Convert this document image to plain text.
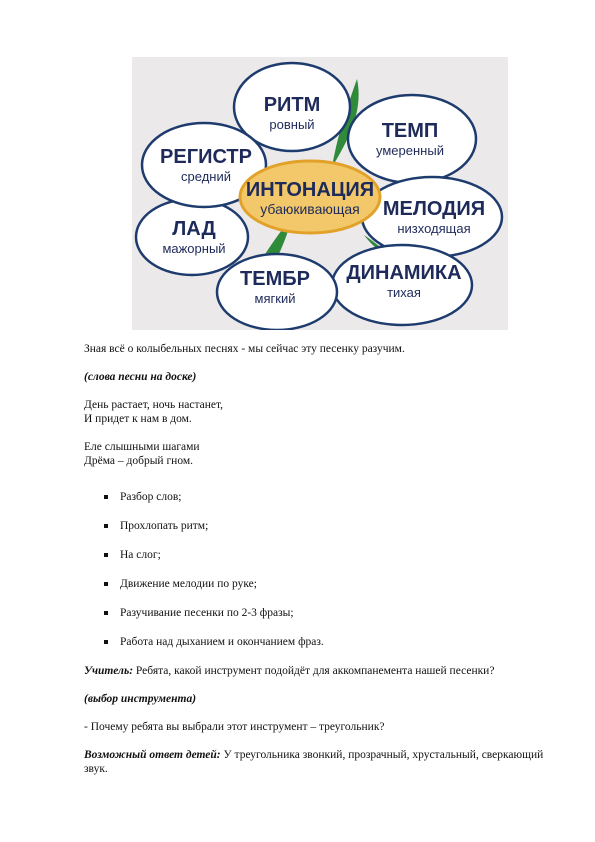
ИНТОНАЦИЯ
убаюкивающая
РИТМ
ровный	ТЕМП
умеренный
МЕЛОДИЯ
низходящая
ДИНАМИКА
тихая
ТЕМБР
мягкий
ЛАД
мажорный
РЕГИСТР
средний

Зная всё о колыбельных песнях - мы сейчас эту песенку разучим.

(слова песни на доске)

День растает, ночь настанет,

И придет к нам в дом.

Еле слышными шагами

Дрёма – добрый гном.

Разбор слов;
Прохлопать ритм;
На слог;
Движение мелодии по руке;
Разучивание песенки по 2-3 фразы;
Работа над дыханием и окончанием фраз.

Учитель: Ребята, какой инструмент подойдёт для аккомпанемента нашей песенки?

(выбор инструмента)

- Почему ребята вы выбрали этот инструмент – треугольник?

Возможный ответ детей: У треугольника звонкий, прозрачный, хрустальный, сверкающий звук.
